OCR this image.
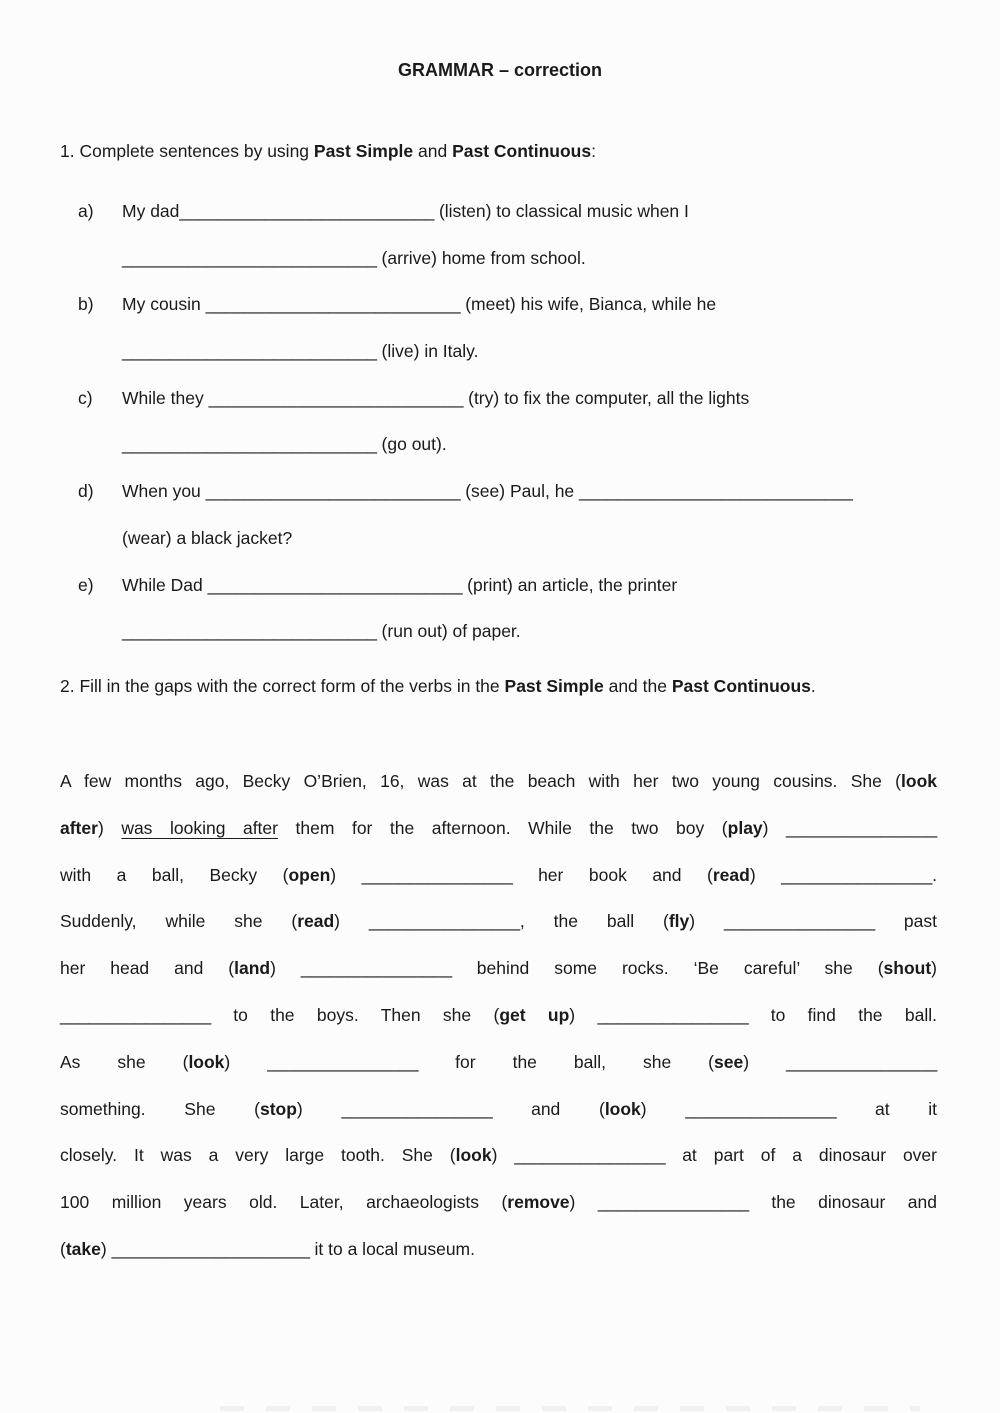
GRAMMAR – correction
1. Complete sentences by using Past Simple and Past Continuous:
a) My dad___________________________ (listen) to classical music when I
___________________________ (arrive) home from school.
b) My cousin ___________________________ (meet) his wife, Bianca, while he
___________________________ (live) in Italy.
c) While they ___________________________ (try) to fix the computer, all the lights
___________________________ (go out).
d) When you ___________________________ (see) Paul, he _____________________________
(wear) a black jacket?
e) While Dad ___________________________ (print) an article, the printer
___________________________ (run out) of paper.
2. Fill in the gaps with the correct form of the verbs in the Past Simple and the Past Continuous.
A few months ago, Becky O’Brien, 16, was at the beach with her two young cousins. She (look
after) was looking after them for the afternoon. While the two boy (play) ________________
with a ball, Becky (open) ________________ her book and (read) ________________.
Suddenly, while she (read) ________________, the ball (fly) ________________ past
her head and (land) ________________ behind some rocks. ‘Be careful’ she (shout)
________________ to the boys. Then she (get up) ________________ to find the ball.
As she (look) ________________ for the ball, she (see) ________________
something. She (stop) ________________ and (look) ________________ at it
closely. It was a very large tooth. She (look) ________________ at part of a dinosaur over
100 million years old. Later, archaeologists (remove) ________________ the dinosaur and
(take) _____________________ it to a local museum.
